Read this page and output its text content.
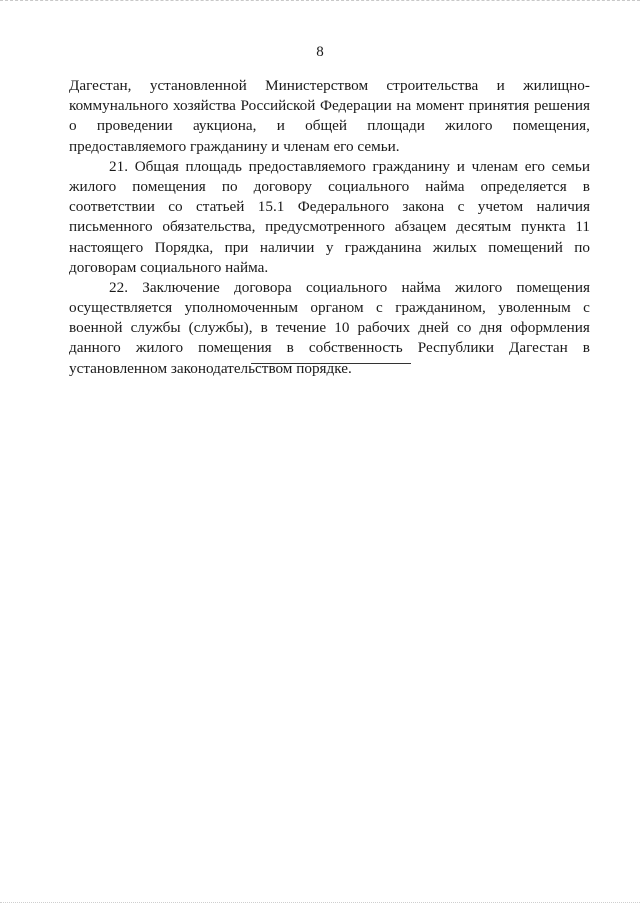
8
Дагестан, установленной Министерством строительства и жилищно-
коммунального хозяйства Российской Федерации на момент принятия решения
о проведении аукциона, и общей площади жилого помещения,
предоставляемого гражданину и членам его семьи.
21. Общая площадь предоставляемого гражданину и членам его семьи
жилого помещения по договору социального найма определяется в
соответствии со статьей 15.1 Федерального закона с учетом наличия
письменного обязательства, предусмотренного абзацем десятым пункта 11
настоящего Порядка, при наличии у гражданина жилых помещений по
договорам социального найма.
22. Заключение договора социального найма жилого помещения
осуществляется уполномоченным органом с гражданином, уволенным с
военной службы (службы), в течение 10 рабочих дней со дня оформления
данного жилого помещения в собственность Республики Дагестан в
установленном законодательством порядке.
